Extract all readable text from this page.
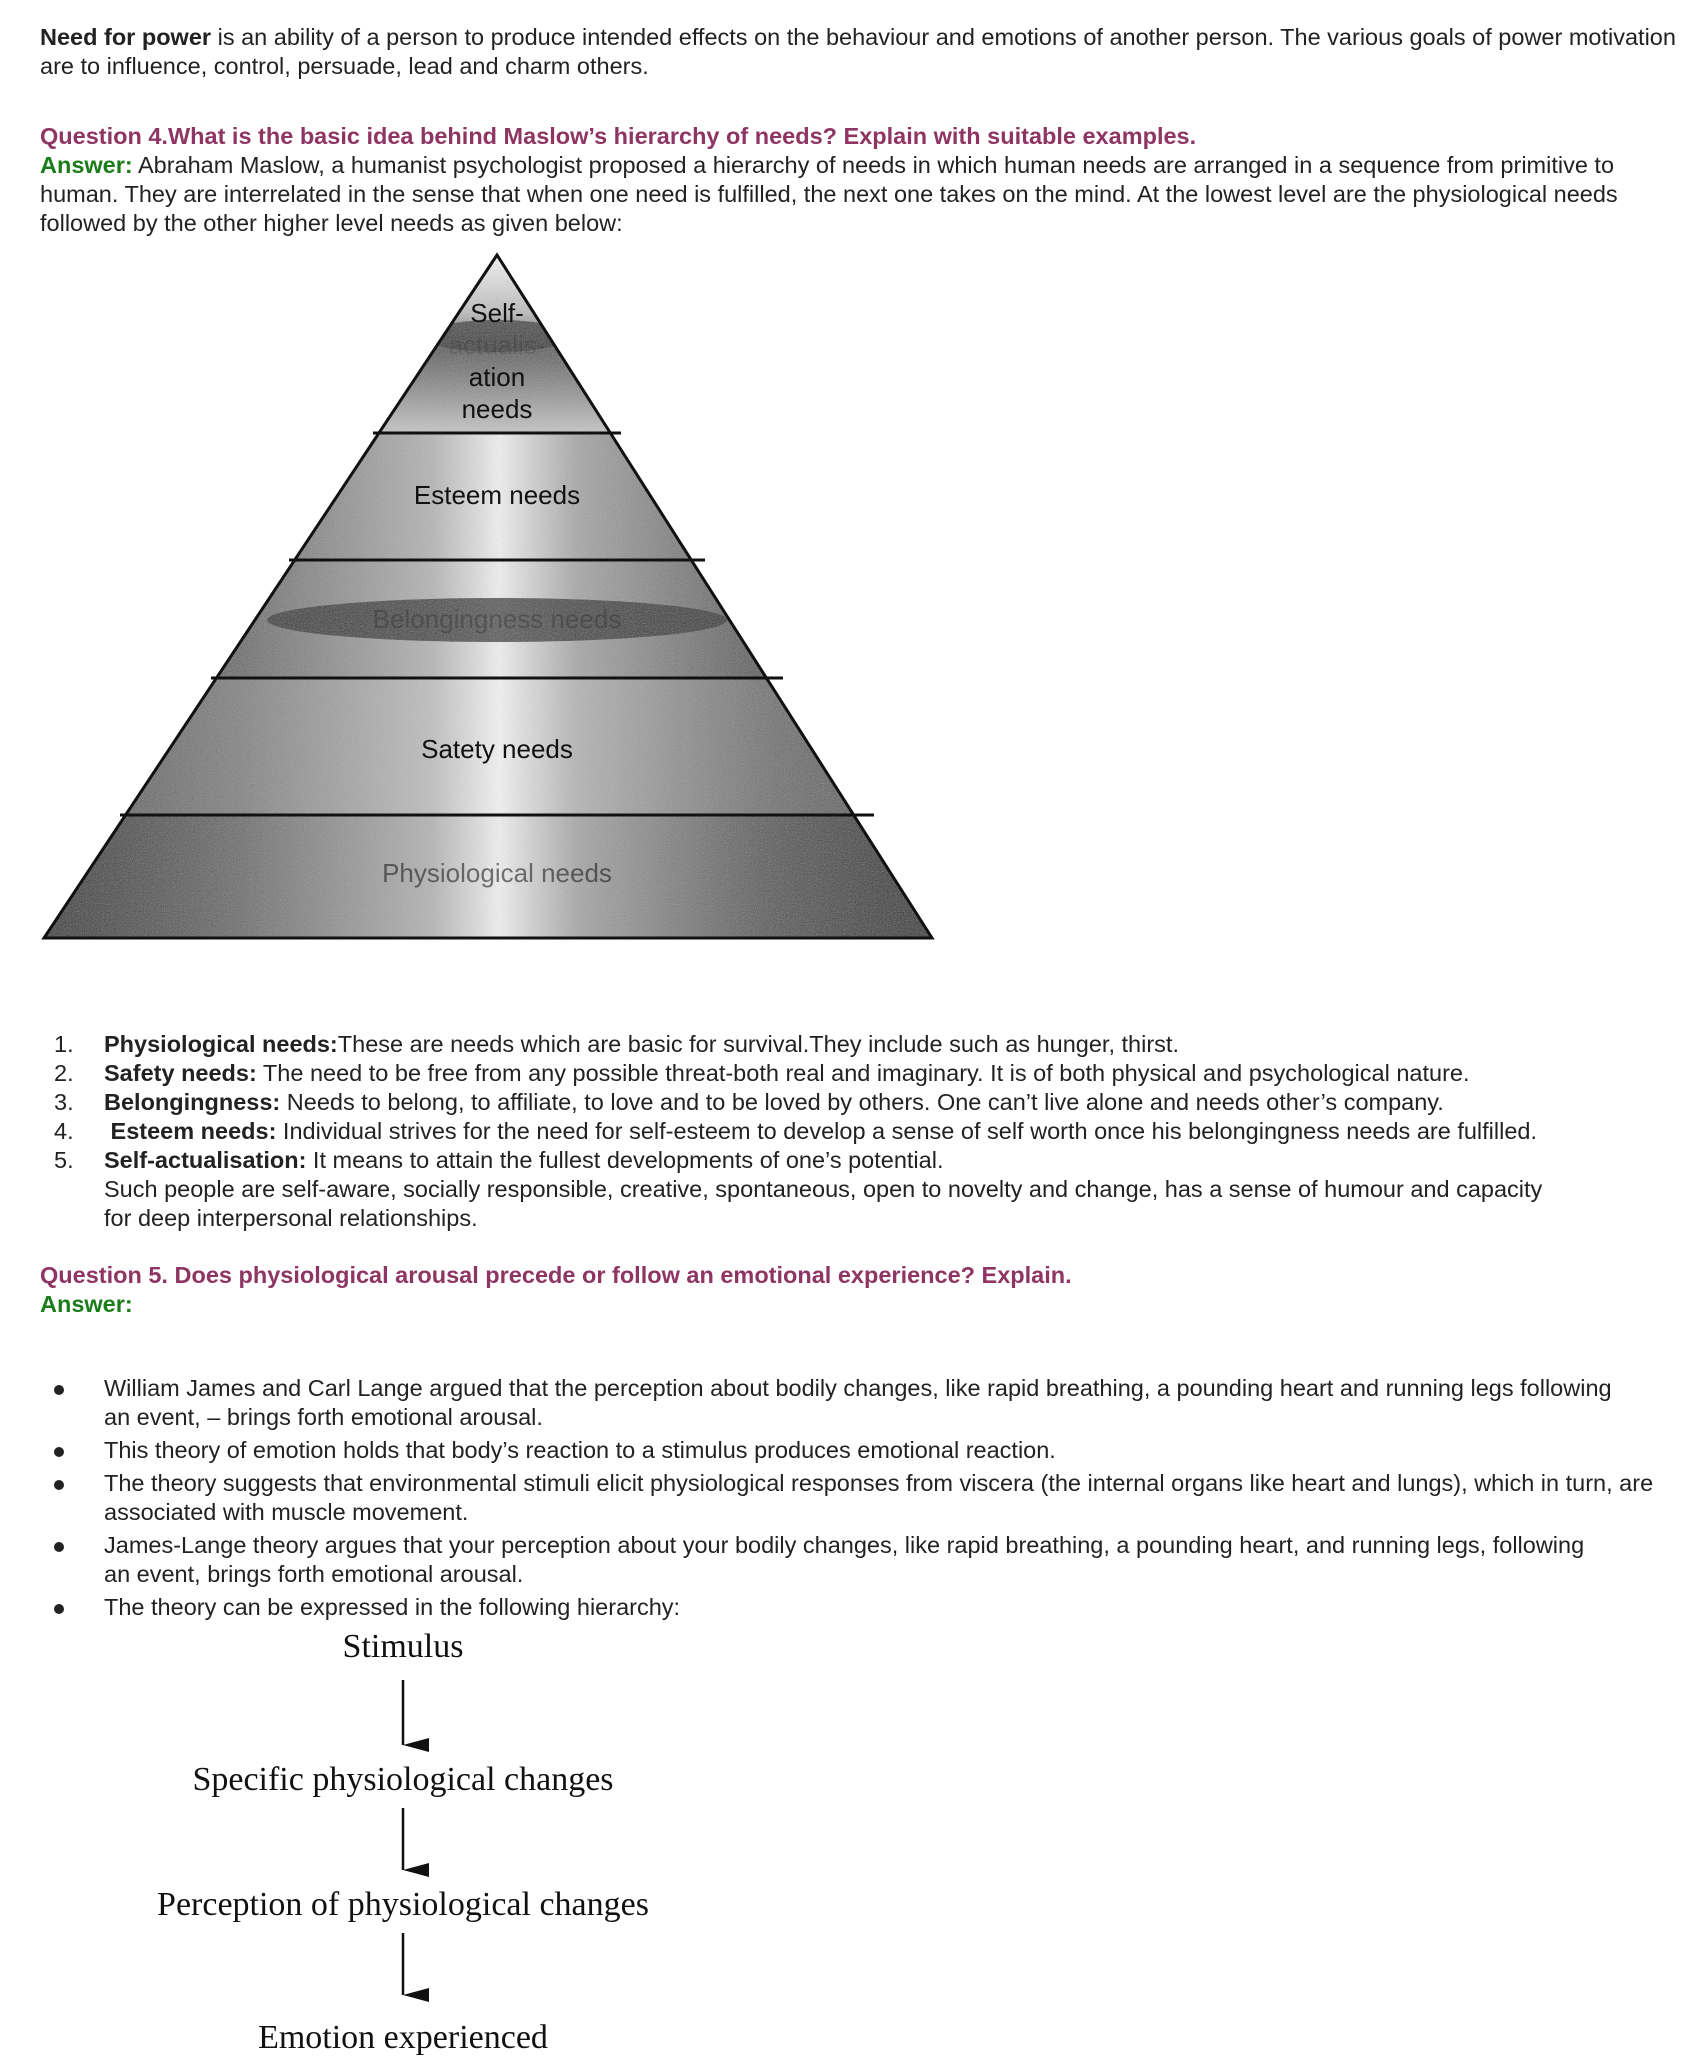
Need for power is an ability of a person to produce intended effects on the behaviour and emotions of another person. The various goals of power motivation are to influence, control, persuade, lead and charm others.

Question 4.What is the basic idea behind Maslow’s hierarchy of needs? Explain with suitable examples.

Answer: Abraham Maslow, a humanist psychologist proposed a hierarchy of needs in which human needs are arranged in a sequence from primitive to human. They are interrelated in the sense that when one need is fulfilled, the next one takes on the mind. At the lowest level are the physiological needs followed by the other higher level needs as given below:

Self-
actualis-
ation
needs
Esteem needs
Belongingness needs
Satety needs
Physiological needs
1. Physiological needs:These are needs which are basic for survival.They include such as hunger, thirst.
2. Safety needs: The need to be free from any possible threat-both real and imaginary. It is of both physical and psychological nature.
3. Belongingness: Needs to belong, to affiliate, to love and to be loved by others. One can’t live alone and needs other’s company.
4. Esteem needs: Individual strives for the need for self-esteem to develop a sense of self worth once his belongingness needs are fulfilled.
5. Self-actualisation: It means to attain the fullest developments of one’s potential.
Such people are self-aware, socially responsible, creative, spontaneous, open to novelty and change, has a sense of humour and capacity
for deep interpersonal relationships.

Question 5. Does physiological arousal precede or follow an emotional experience? Explain.

Answer:

William James and Carl Lange argued that the perception about bodily changes, like rapid breathing, a pounding heart and running legs following an event, – brings forth emotional arousal.
This theory of emotion holds that body’s reaction to a stimulus produces emotional reaction.
The theory suggests that environmental stimuli elicit physiological responses from viscera (the internal organs like heart and lungs), which in turn, are associated with muscle movement.
James-Lange theory argues that your perception about your bodily changes, like rapid breathing, a pounding heart, and running legs, following an event, brings forth emotional arousal.
The theory can be expressed in the following hierarchy:
Stimulus
Specific physiological changes
Perception of physiological changes
Emotion experienced
